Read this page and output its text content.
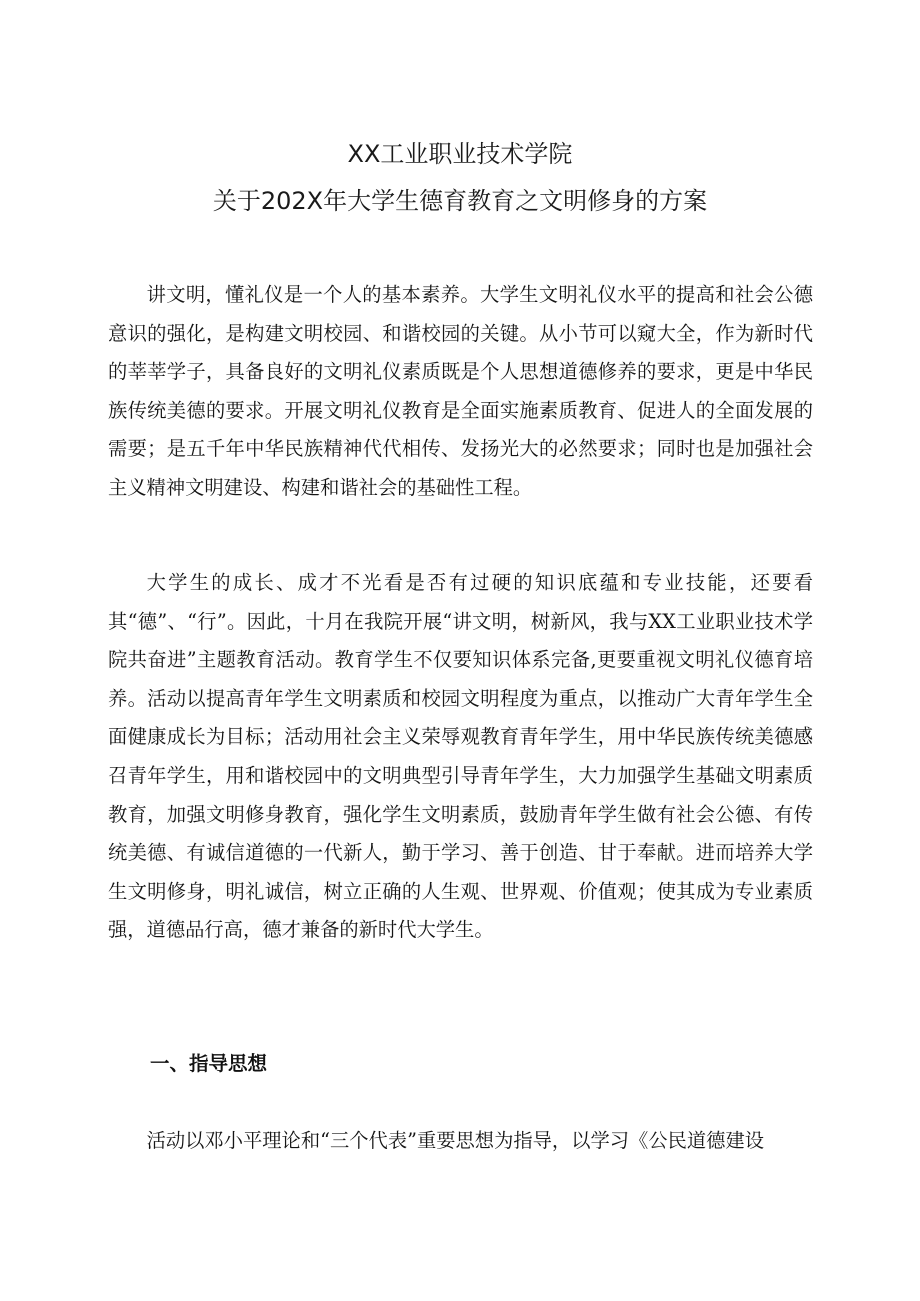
XX工业职业技术学院
关于202X年大学生德育教育之文明修身的方案

讲文明，懂礼仪是一个人的基本素养。大学生文明礼仪水平的提高和社会公德意识的强化，是构建文明校园、和谐校园的关键。从小节可以窥大全，作为新时代的莘莘学子，具备良好的文明礼仪素质既是个人思想道德修养的要求，更是中华民族传统美德的要求。开展文明礼仪教育是全面实施素质教育、促进人的全面发展的需要；是五千年中华民族精神代代相传、发扬光大的必然要求；同时也是加强社会主义精神文明建设、构建和谐社会的基础性工程。

大学生的成长、成才不光看是否有过硬的知识底蕴和专业技能，还要看其“德”、“行”。因此，十月在我院开展“讲文明，树新风，我与XX工业职业技术学院共奋进”主题教育活动。教育学生不仅要知识体系完备,更要重视文明礼仪德育培养。活动以提高青年学生文明素质和校园文明程度为重点，以推动广大青年学生全面健康成长为目标；活动用社会主义荣辱观教育青年学生，用中华民族传统美德感召青年学生，用和谐校园中的文明典型引导青年学生，大力加强学生基础文明素质教育，加强文明修身教育，强化学生文明素质，鼓励青年学生做有社会公德、有传统美德、有诚信道德的一代新人，勤于学习、善于创造、甘于奉献。进而培养大学生文明修身，明礼诚信，树立正确的人生观、世界观、价值观；使其成为专业素质强，道德品行高，德才兼备的新时代大学生。

一、指导思想

活动以邓小平理论和“三个代表”重要思想为指导，以学习《公民道德建设
